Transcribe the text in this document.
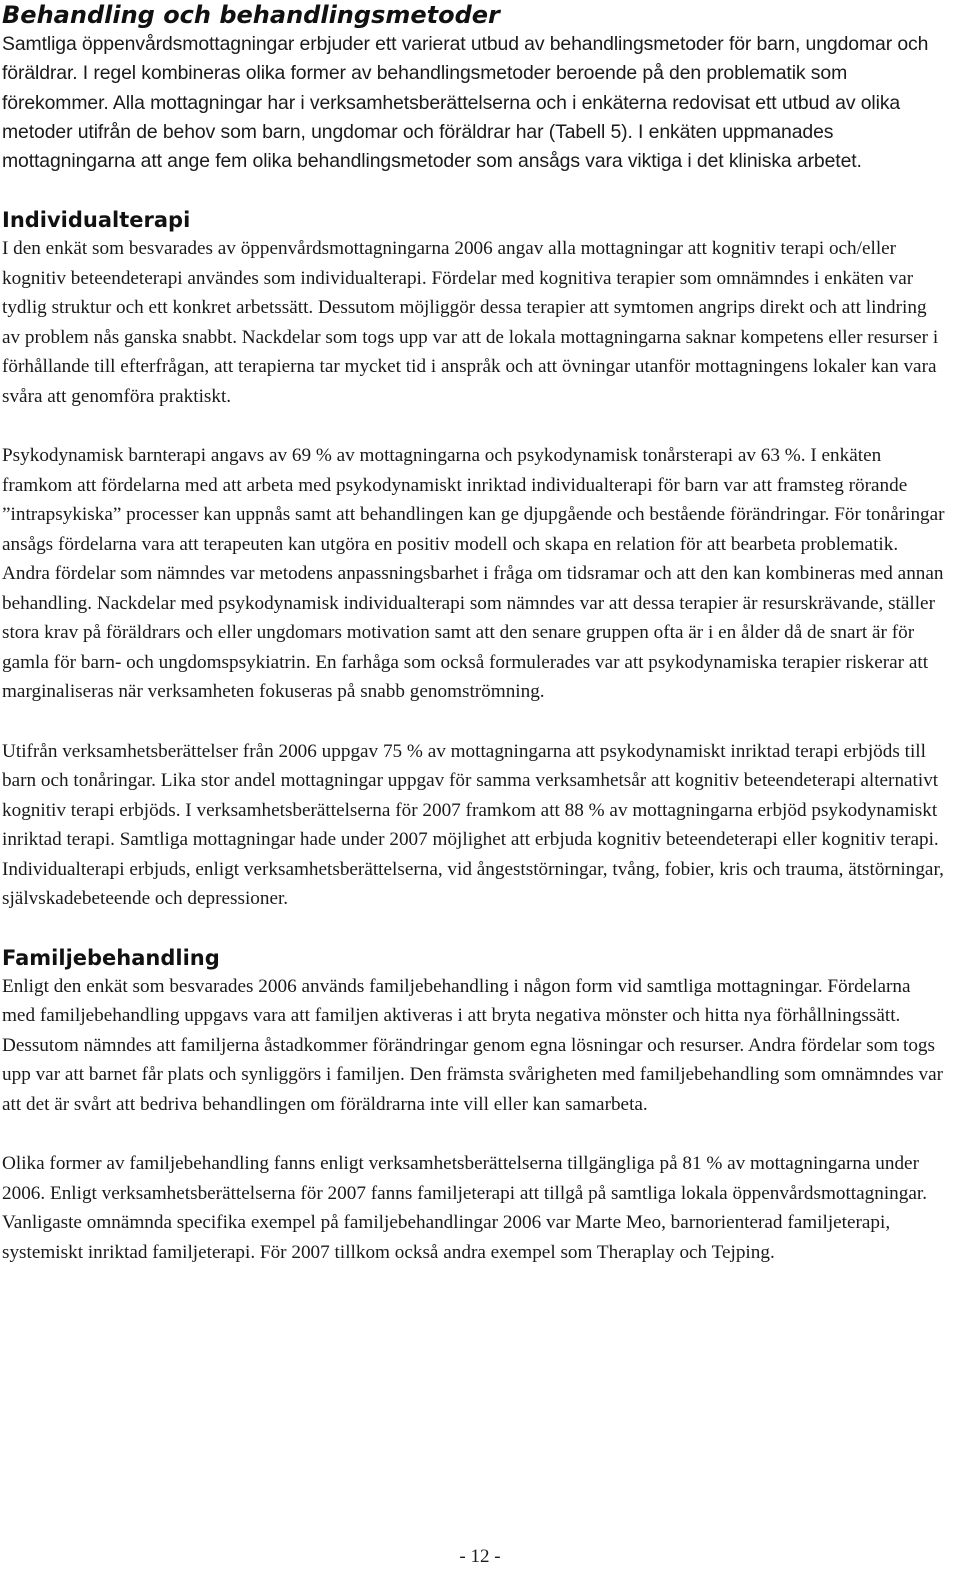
Behandling och behandlingsmetoder

Samtliga öppenvårdsmottagningar erbjuder ett varierat utbud av behandlingsmetoder för barn, ungdomar och föräldrar. I regel kombineras olika former av behandlingsmetoder beroende på den problematik som förekommer. Alla mottagningar har i verksamhetsberättelserna och i enkäterna redovisat ett utbud av olika metoder utifrån de behov som barn, ungdomar och föräldrar har (Tabell 5). I enkäten uppmanades mottagningarna att ange fem olika behandlingsmetoder som ansågs vara viktiga i det kliniska arbetet.

Individualterapi

I den enkät som besvarades av öppenvårdsmottagningarna 2006 angav alla mottagningar att kognitiv terapi och/eller kognitiv beteendeterapi användes som individualterapi. Fördelar med kognitiva terapier som omnämndes i enkäten var tydlig struktur och ett konkret arbetssätt. Dessutom möjliggör dessa terapier att symtomen angrips direkt och att lindring av problem nås ganska snabbt. Nackdelar som togs upp var att de lokala mottagningarna saknar kompetens eller resurser i förhållande till efterfrågan, att terapierna tar mycket tid i anspråk och att övningar utanför mottagningens lokaler kan vara svåra att genomföra praktiskt.

Psykodynamisk barnterapi angavs av 69 % av mottagningarna och psykodynamisk tonårsterapi av 63 %. I enkäten framkom att fördelarna med att arbeta med psykodynamiskt inriktad individualterapi för barn var att framsteg rörande ”intrapsykiska” processer kan uppnås samt att behandlingen kan ge djupgående och bestående förändringar. För tonåringar ansågs fördelarna vara att terapeuten kan utgöra en positiv modell och skapa en relation för att bearbeta problematik. Andra fördelar som nämndes var metodens anpassningsbarhet i fråga om tidsramar och att den kan kombineras med annan behandling. Nackdelar med psykodynamisk individualterapi som nämndes var att dessa terapier är resurskrävande, ställer stora krav på föräldrars och eller ungdomars motivation samt att den senare gruppen ofta är i en ålder då de snart är för gamla för barn- och ungdomspsykiatrin. En farhåga som också formulerades var att psykodynamiska terapier riskerar att marginaliseras när verksamheten fokuseras på snabb genomströmning.

Utifrån verksamhetsberättelser från 2006 uppgav 75 % av mottagningarna att psykodynamiskt inriktad terapi erbjöds till barn och tonåringar. Lika stor andel mottagningar uppgav för samma verksamhetsår att kognitiv beteendeterapi alternativt kognitiv terapi erbjöds. I verksamhetsberättelserna för 2007 framkom att 88 % av mottagningarna erbjöd psykodynamiskt inriktad terapi. Samtliga mottagningar hade under 2007 möjlighet att erbjuda kognitiv beteendeterapi eller kognitiv terapi. Individualterapi erbjuds, enligt verksamhetsberättelserna, vid ångeststörningar, tvång, fobier, kris och trauma, ätstörningar, självskadebeteende och depressioner.

Familjebehandling

Enligt den enkät som besvarades 2006 används familjebehandling i någon form vid samtliga mottagningar. Fördelarna med familjebehandling uppgavs vara att familjen aktiveras i att bryta negativa mönster och hitta nya förhållningssätt. Dessutom nämndes att familjerna åstadkommer förändringar genom egna lösningar och resurser. Andra fördelar som togs upp var att barnet får plats och synliggörs i familjen. Den främsta svårigheten med familjebehandling som omnämndes var att det är svårt att bedriva behandlingen om föräldrarna inte vill eller kan samarbeta.

Olika former av familjebehandling fanns enligt verksamhetsberättelserna tillgängliga på 81 % av mottagningarna under 2006. Enligt verksamhetsberättelserna för 2007 fanns familjeterapi att tillgå på samtliga lokala öppenvårdsmottagningar. Vanligaste omnämnda specifika exempel på familjebehandlingar 2006 var Marte Meo, barnorienterad familjeterapi, systemiskt inriktad familjeterapi. För 2007 tillkom också andra exempel som Theraplay och Tejping.

- 12 -
